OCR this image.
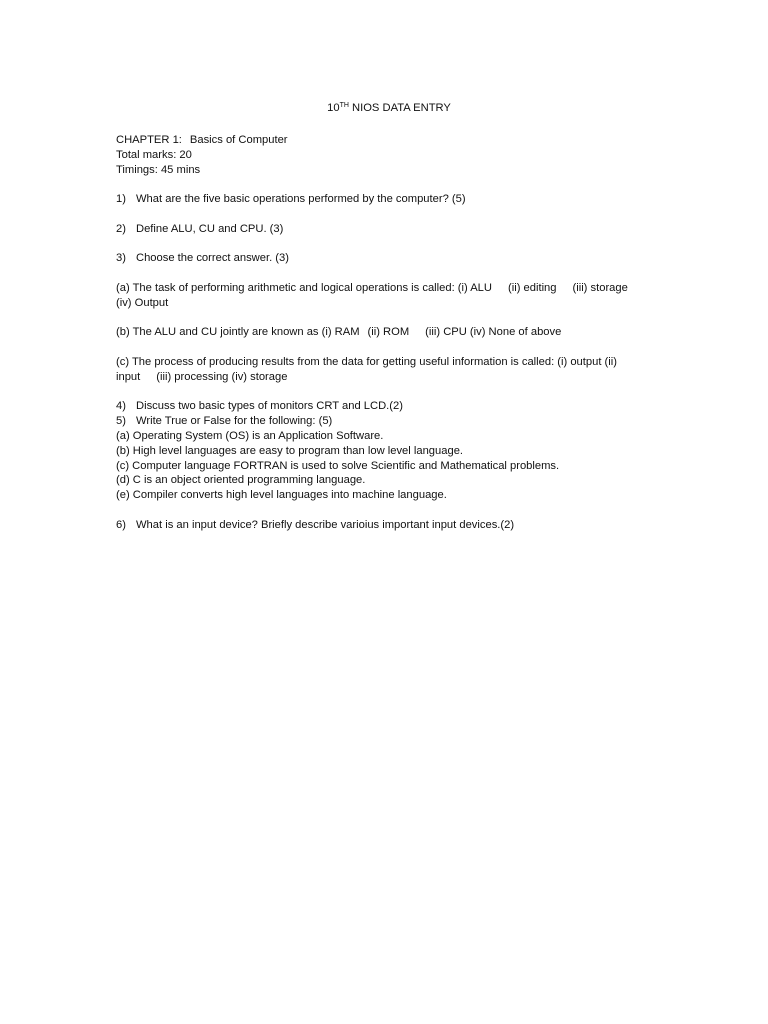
10TH NIOS DATA ENTRY

CHAPTER 1: Basics of Computer

Total marks: 20

Timings: 45 mins

1) What are the five basic operations performed by the computer? (5)

2) Define ALU, CU and CPU. (3)

3) Choose the correct answer. (3)

(a) The task of performing arithmetic and logical operations is called: (i) ALU (ii) editing (iii) storage

(iv) Output

(b) The ALU and CU jointly are known as (i) RAM (ii) ROM (iii) CPU (iv) None of above

(c) The process of producing results from the data for getting useful information is called: (i) output (ii)

input (iii) processing (iv) storage

4) Discuss two basic types of monitors CRT and LCD.(2)

5) Write True or False for the following: (5)

(a) Operating System (OS) is an Application Software.

(b) High level languages are easy to program than low level language.

(c) Computer language FORTRAN is used to solve Scientific and Mathematical problems.

(d) C is an object oriented programming language.

(e) Compiler converts high level languages into machine language.

6) What is an input device? Briefly describe varioius important input devices.(2)
